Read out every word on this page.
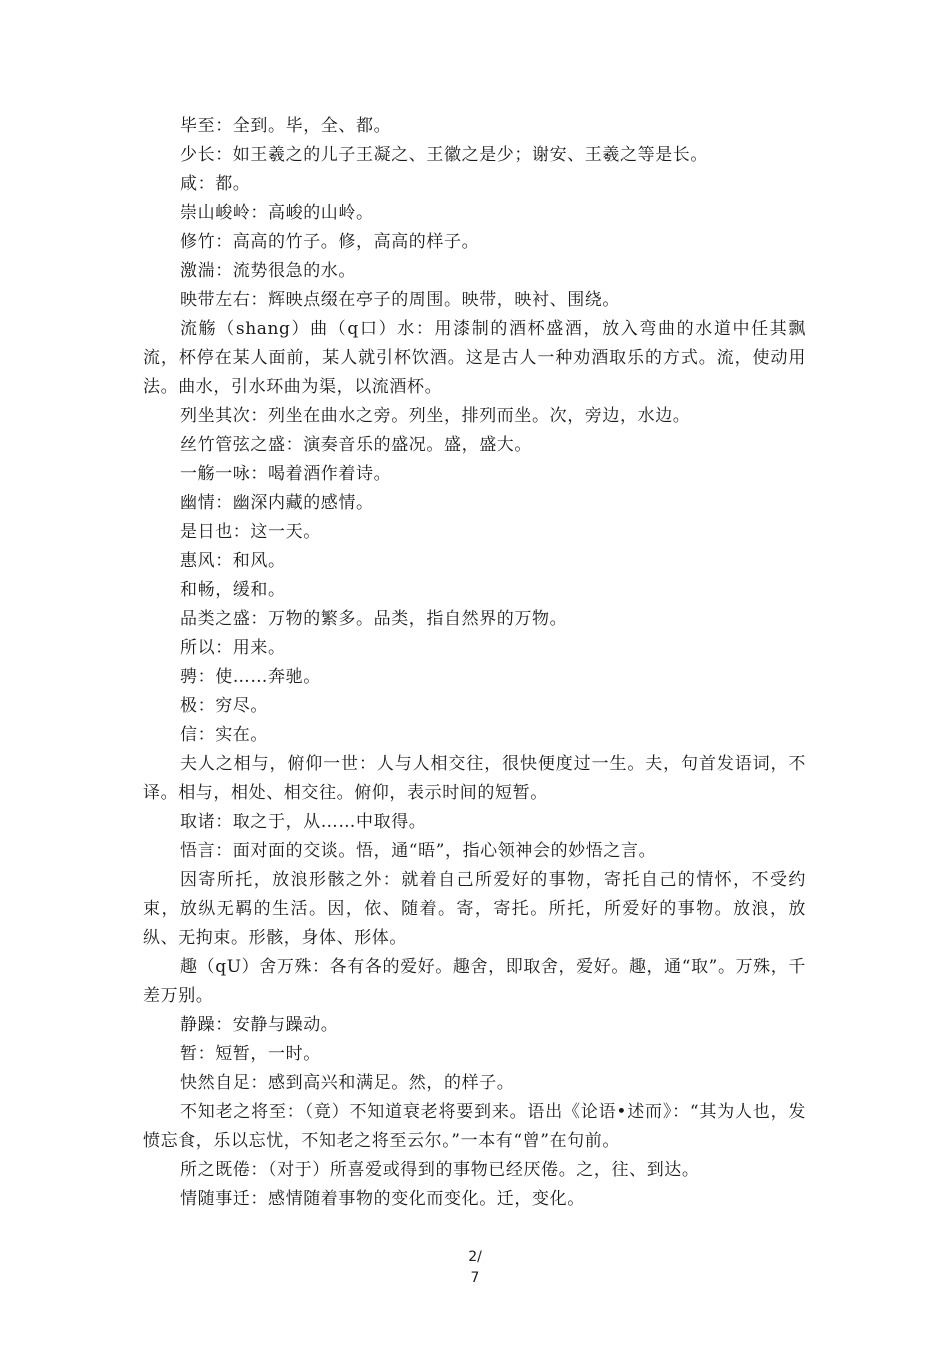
毕至：全到。毕，全、都。

少长：如王羲之的儿子王凝之、王徽之是少；谢安、王羲之等是长。

咸：都。

崇山峻岭：高峻的山岭。

修竹：高高的竹子。修，高高的样子。

激湍：流势很急的水。

映带左右：辉映点缀在亭子的周围。映带，映衬、围绕。

流觞（shang）曲（q口）水：用漆制的酒杯盛酒，放入弯曲的水道中任其飘流，杯停在某人面前，某人就引杯饮酒。这是古人一种劝酒取乐的方式。流，使动用法。曲水，引水环曲为渠，以流酒杯。

列坐其次：列坐在曲水之旁。列坐，排列而坐。次，旁边，水边。

丝竹管弦之盛：演奏音乐的盛况。盛，盛大。

一觞一咏：喝着酒作着诗。

幽情：幽深内藏的感情。

是日也：这一天。

惠风：和风。

和畅，缓和。

品类之盛：万物的繁多。品类，指自然界的万物。

所以：用来。

骋：使……奔驰。

极：穷尽。

信：实在。

夫人之相与，俯仰一世：人与人相交往，很快便度过一生。夫，句首发语词，不译。相与，相处、相交往。俯仰，表示时间的短暂。

取诸：取之于，从……中取得。

悟言：面对面的交谈。悟，通“晤”，指心领神会的妙悟之言。

因寄所托，放浪形骸之外：就着自己所爱好的事物，寄托自己的情怀，不受约束，放纵无羁的生活。因，依、随着。寄，寄托。所托，所爱好的事物。放浪，放纵、无拘束。形骸，身体、形体。

趣（qU）舍万殊：各有各的爱好。趣舍，即取舍，爱好。趣，通“取”。万殊，千差万别。

静躁：安静与躁动。

暂：短暂，一时。

快然自足：感到高兴和满足。然，的样子。

不知老之将至：（竟）不知道衰老将要到来。语出《论语•述而》：“其为人也，发愤忘食，乐以忘忧，不知老之将至云尔。”一本有“曾”在句前。

所之既倦：（对于）所喜爱或得到的事物已经厌倦。之，往、到达。

情随事迁：感情随着事物的变化而变化。迁，变化。

2/
7
